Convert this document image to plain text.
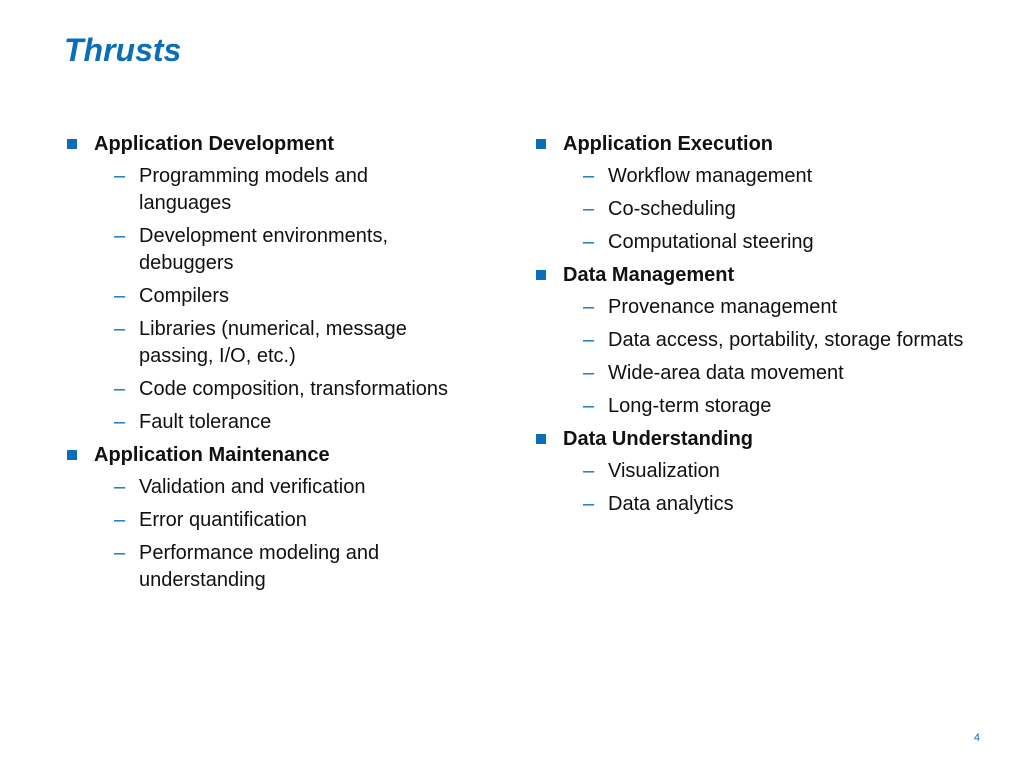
Thrusts
Application Development
– Programming models and languages
– Development environments, debuggers
– Compilers
– Libraries (numerical, message passing, I/O, etc.)
– Code composition, transformations
– Fault tolerance
Application Maintenance
– Validation and verification
– Error quantification
– Performance modeling and understanding
Application Execution
– Workflow management
– Co-scheduling
– Computational steering
Data Management
– Provenance management
– Data access, portability, storage formats
– Wide-area data movement
– Long-term storage
Data Understanding
– Visualization
– Data analytics
4
